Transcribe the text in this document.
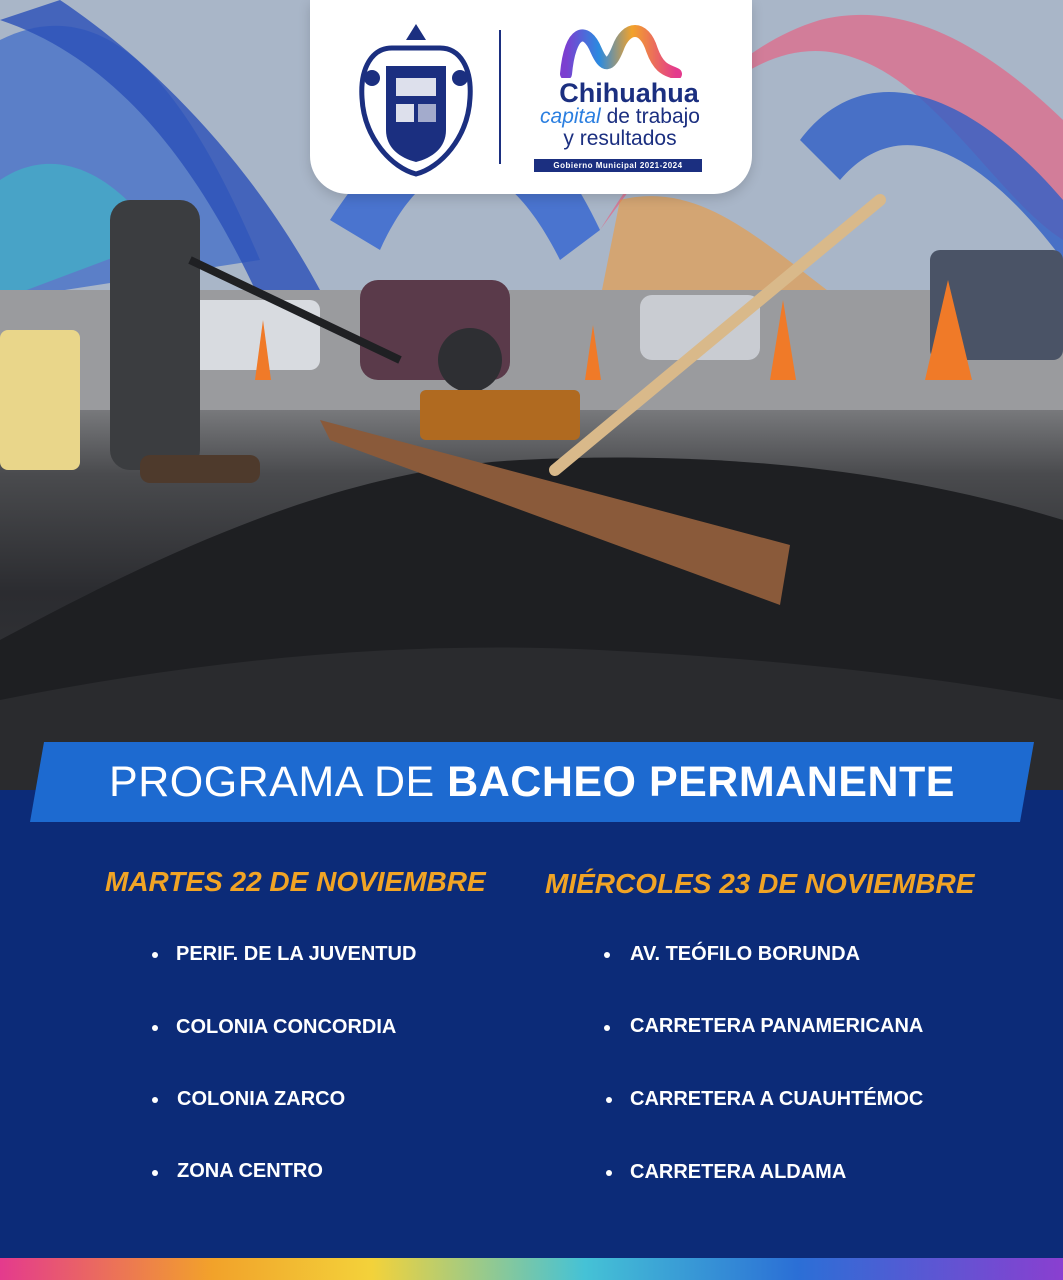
Chihuahua
capital de trabajo
y resultados
Gobierno Municipal 2021-2024
PROGRAMA DE BACHEO PERMANENTE
MARTES 22 DE NOVIEMBRE
PERIF. DE LA JUVENTUD
COLONIA CONCORDIA
COLONIA ZARCO
ZONA CENTRO
MIÉRCOLES 23 DE NOVIEMBRE
AV. TEÓFILO BORUNDA
CARRETERA PANAMERICANA
CARRETERA A CUAUHTÉMOC
CARRETERA ALDAMA
